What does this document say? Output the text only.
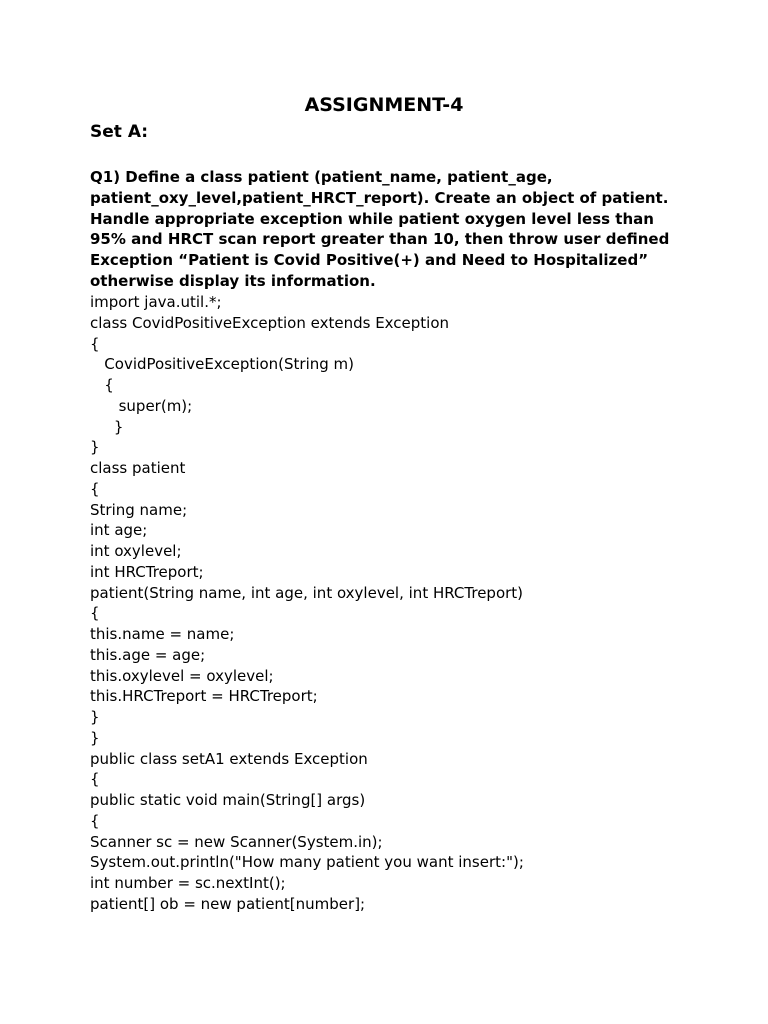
ASSIGNMENT-4
Set A:

Q1) Define a class patient (patient_name, patient_age,
patient_oxy_level,patient_HRCT_report). Create an object of patient.
Handle appropriate exception while patient oxygen level less than
95% and HRCT scan report greater than 10, then throw user defined
Exception “Patient is Covid Positive(+) and Need to Hospitalized”
otherwise display its information.

import java.util.*;
class CovidPositiveException extends Exception
{
CovidPositiveException(String m)
{
super(m);
}
}
class patient
{
String name;
int age;
int oxylevel;
int HRCTreport;
patient(String name, int age, int oxylevel, int HRCTreport)
{
this.name = name;
this.age = age;
this.oxylevel = oxylevel;
this.HRCTreport = HRCTreport;
}
}
public class setA1 extends Exception
{
public static void main(String[] args)
{
Scanner sc = new Scanner(System.in);
System.out.println("How many patient you want insert:");
int number = sc.nextInt();
patient[] ob = new patient[number];
